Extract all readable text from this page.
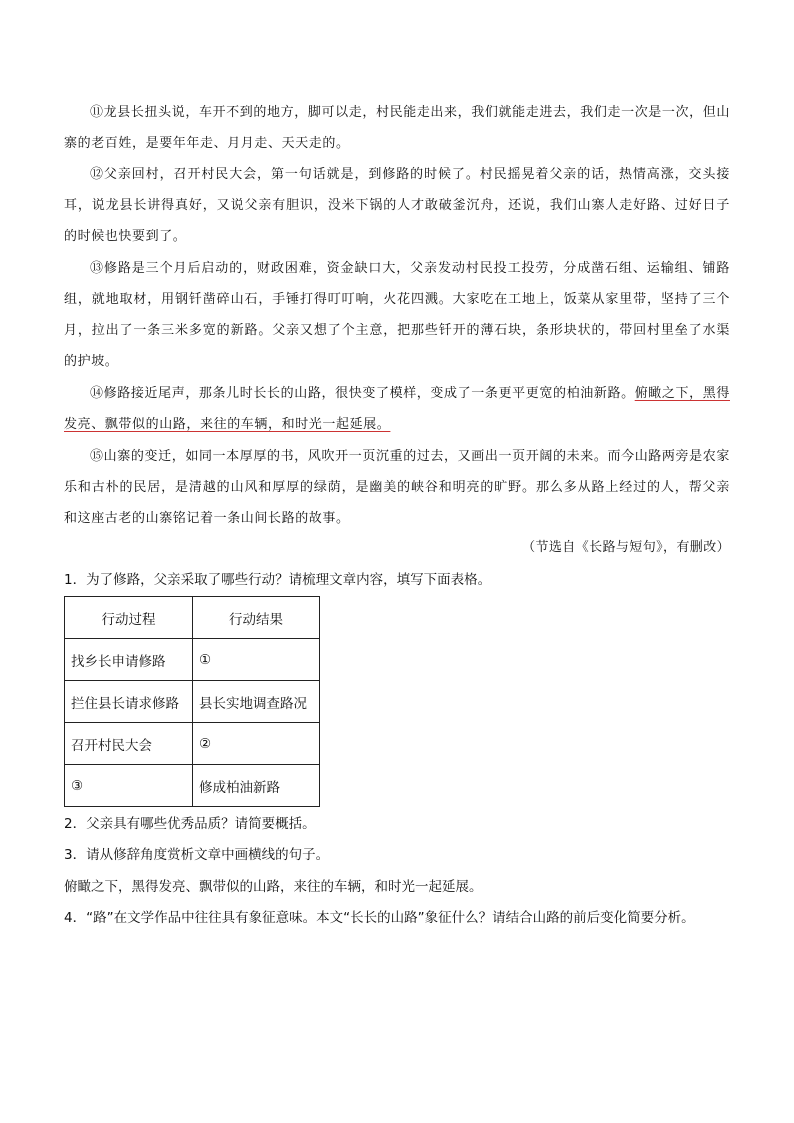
⑪龙县长扭头说，车开不到的地方，脚可以走，村民能走出来，我们就能走进去，我们走一次是一次，但山寨的老百姓，是要年年走、月月走、天天走的。
⑫父亲回村，召开村民大会，第一句话就是，到修路的时候了。村民摇晃着父亲的话，热情高涨，交头接耳，说龙县长讲得真好，又说父亲有胆识，没米下锅的人才敢破釜沉舟，还说，我们山寨人走好路、过好日子的时候也快要到了。
⑬修路是三个月后启动的，财政困难，资金缺口大，父亲发动村民投工投劳，分成凿石组、运输组、铺路组，就地取材，用钢钎凿碎山石，手锤打得叮叮响，火花四溅。大家吃在工地上，饭菜从家里带，坚持了三个月，拉出了一条三米多宽的新路。父亲又想了个主意，把那些钎开的薄石块，条形块状的，带回村里垒了水渠的护坡。
⑭修路接近尾声，那条儿时长长的山路，很快变了模样，变成了一条更平更宽的柏油新路。俯瞰之下，黑得发亮、飘带似的山路，来往的车辆，和时光一起延展。
⑮山寨的变迁，如同一本厚厚的书，风吹开一页沉重的过去，又画出一页开阔的未来。而今山路两旁是农家乐和古朴的民居，是清越的山风和厚厚的绿荫，是幽美的峡谷和明亮的旷野。那么多从路上经过的人，帮父亲和这座古老的山寨铭记着一条山间长路的故事。
（节选自《长路与短句》，有删改）
1．为了修路，父亲采取了哪些行动？请梳理文章内容，填写下面表格。
行动过程	行动结果
找乡长申请修路	①
拦住县长请求修路	县长实地调查路况
召开村民大会	②
③	修成柏油新路
2．父亲具有哪些优秀品质？请简要概括。
3．请从修辞角度赏析文章中画横线的句子。
俯瞰之下，黑得发亮、飘带似的山路，来往的车辆，和时光一起延展。
4．“路”在文学作品中往往具有象征意味。本文“长长的山路”象征什么？请结合山路的前后变化简要分析。
